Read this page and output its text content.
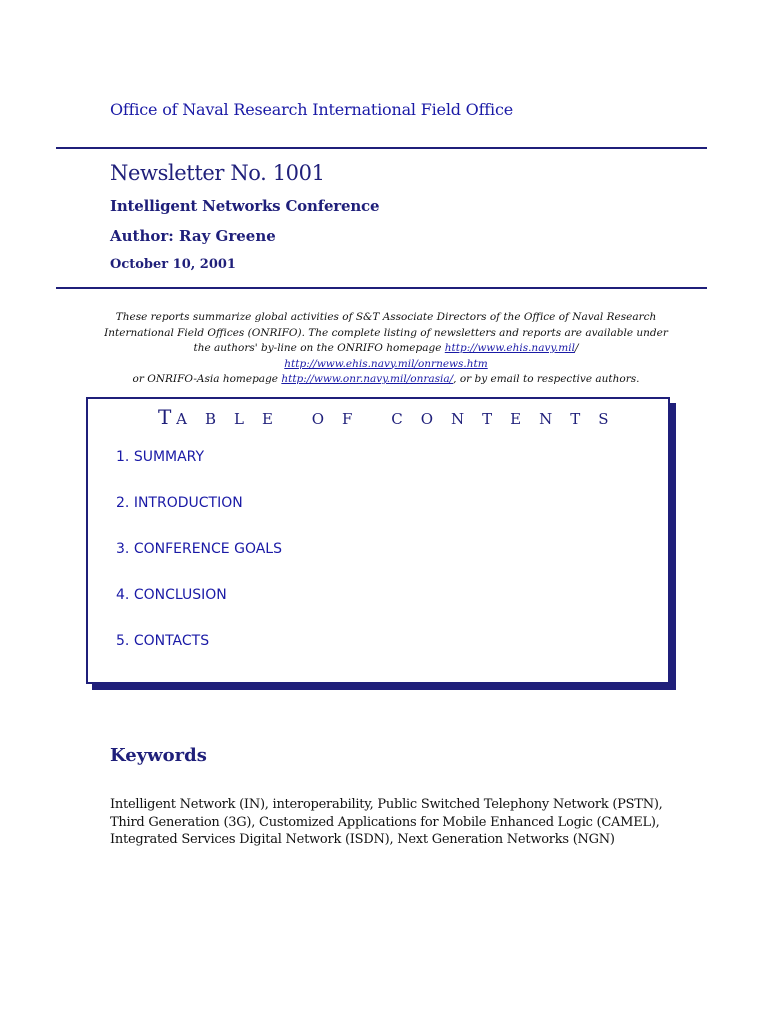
Office of Naval Research International Field Office
Newsletter No. 1001
Intelligent Networks Conference
Author: Ray Greene
October 10, 2001
These reports summarize global activities of S&T Associate Directors of the Office of Naval Research International Field Offices (ONRIFO). The complete listing of newsletters and reports are available under the authors' by-line on the ONRIFO homepage http://www.ehis.navy.mil/ http://www.ehis.navy.mil/onrnews.htm
or ONRIFO-Asia homepage http://www.onr.navy.mil/onrasia/, or by email to respective authors.
T A B L E	O F	C O N T E N T S
1. SUMMARY
2. INTRODUCTION
3. CONFERENCE GOALS
4. CONCLUSION
5. CONTACTS
Keywords
Intelligent Network (IN), interoperability, Public Switched Telephony Network (PSTN), Third Generation (3G), Customized Applications for Mobile Enhanced Logic (CAMEL), Integrated Services Digital Network (ISDN), Next Generation Networks (NGN)
